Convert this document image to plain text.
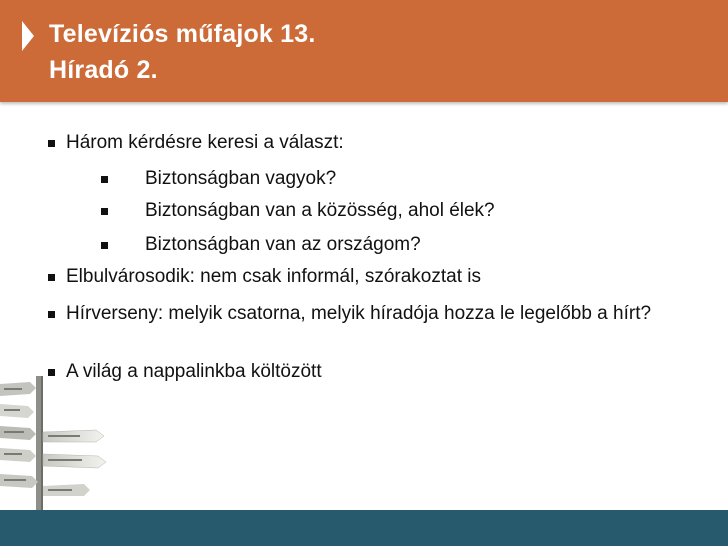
Televíziós műfajok 13.
Híradó 2.
Három kérdésre keresi a választ:
Biztonságban vagyok?
Biztonságban van a közösség, ahol élek?
Biztonságban van az országom?
Elbulvárosodik: nem csak informál, szórakoztat is
Hírverseny: melyik csatorna, melyik híradója hozza le legelőbb a hírt?
A világ a nappalinkba költözött
